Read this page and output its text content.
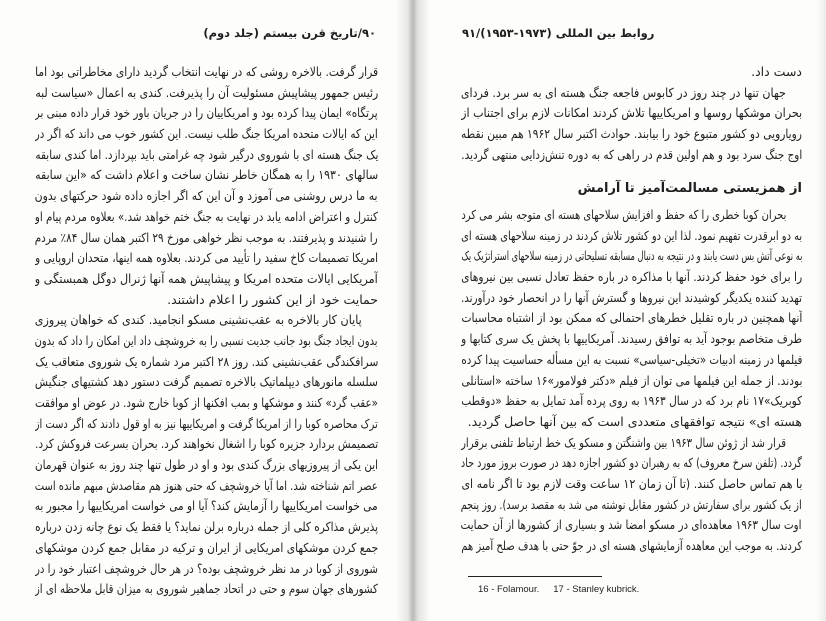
۹۰/تاریخ قرن بیستم (جلد دوم)
قرار گرفت. بالاخره روشی که در نهایت انتخاب گردید دارای مخاطراتی بود اما
رئیس جمهور پیشاپیش مسئولیت آن را پذیرفت. کندی به اعمال «سیاست لبه
پرتگاه» ایمان پیدا کرده بود و امریکاییان را در جریان باور خود قرار داده مبنی بر
این که ایالات متحده امریکا جنگ طلب نیست. این کشور خوب می داند که اگر در
یک جنگ هسته ای با شوروی درگیر شود چه غرامتی باید بپردازد. اما کندی سابقه
سالهای ۱۹۳۰ را به همگان خاطر نشان ساخت و اعلام داشت که «این سابقه
به ما درس روشنی می آموزد و آن این که اگر اجازه داده شود حرکتهای بدون
کنترل و اعتراض ادامه یابد در نهایت به جنگ ختم خواهد شد.» بعلاوه مردم پیام او
را شنیدند و پذیرفتند. به موجب نظر خواهی مورخ ۲۹ اکتبر همان سال ۸۴٪ مردم
امریکا تصمیمات کاخ سفید را تأیید می کردند. بعلاوه همه اینها، متحدان اروپایی و
آمریکایی ایالات متحده امریکا و پیشاپیش همه آنها ژنرال دوگل همبستگی و
حمایت خود از این کشور را اعلام داشتند.
پایان کار بالاخره به عقب‌نشینی مسکو انجامید. کندی که خواهان پیروزی
بدون ایجاد جنگ بود جانب جدیت نسبی را به خروشچف داد این امکان را داد که بدون
سرافکندگی عقب‌نشینی کند. روز ۲۸ اکتبر مرد شماره یک شوروی متعاقب یک
سلسله مانورهای دیپلماتیک بالاخره تصمیم گرفت دستور دهد کشتیهای جنگیش
«عقب گرد» کنند و موشکها و بمب افکنها از کوبا خارج شود. در عوض او موافقت
ترک محاصره کوبا را از امریکا گرفت و امریکاییها نیز به او قول دادند که اگر دست از
تصمیمش بردارد جزیره کوبا را اشغال نخواهند کرد. بحران بسرعت فروکش کرد.
این یکی از پیروزیهای بزرگ کندی بود و او در طول تنها چند روز به عنوان قهرمان
عصر اتم شناخته شد. اما آیا خروشچف که حتی هنوز هم مقاصدش مبهم مانده است
می خواست امریکاییها را آزمایش کند؟ آیا او می خواست امریکاییها را مجبور به
پذیرش مذاکره کلی از جمله درباره برلن نماید؟ یا فقط یک نوع چانه زدن درباره
جمع کردن موشکهای امریکایی از ایران و ترکیه در مقابل جمع کردن موشکهای
شوروی از کوبا در مد نظر خروشچف بوده؟ در هر حال خروشچف اعتبار خود را در
کشورهای جهان سوم و حتی در اتحاد جماهیر شوروی به میزان قابل ملاحظه ای از
روابط بین المللی (۱۹۷۳-۱۹۵۳)/۹۱
دست داد.
جهان تنها در چند روز در کابوس فاجعه جنگ هسته ای به سر برد. فردای
بحران موشکها روسها و امریکاییها تلاش کردند امکانات لازم برای اجتناب از
رویارویی دو کشور متبوع خود را بیابند. حوادث اکتبر سال ۱۹۶۲ هم مبین نقطه
اوج جنگ سرد بود و هم اولین قدم در راهی که به دوره تنش‌زدایی منتهی گردید.
از همزیستی مسالمت‌آمیز تا آرامش
بحران کوبا خطری را که حفظ و افزایش سلاحهای هسته ای متوجه بشر می کرد
به دو ابرقدرت تفهیم نمود. لذا این دو کشور تلاش کردند در زمینه سلاحهای هسته ای
به نوعی آتش بس دست یابند و در نتیجه به دنبال مسابقه تسلیحاتی در زمینه سلاحهای استراتژیک یک
را برای خود حفظ کردند. آنها با مذاکره در باره حفظ تعادل نسبی بین نیروهای
تهدید کننده یکدیگر کوشیدند این نیروها و گسترش آنها را در انحصار خود درآورند.
آنها همچنین در باره تقلیل خطرهای احتمالی که ممکن بود از اشتباه محاسبات
طرف متخاصم بوجود آید به توافق رسیدند. آمریکاییها با پخش یک سری کتابها و
فیلمها در زمینه ادبیات «تخیلی-سیاسی» نسبت به این مسأله حساسیت پیدا کرده
بودند. از جمله این فیلمها می توان از فیلم «دکتر فولامور»۱۶ ساخته «استانلی
کوبریک»۱۷ نام برد که در سال ۱۹۶۳ به روی پرده آمد تمایل به حفظ «دوقطب
هسته ای» نتیجه توافقهای متعددی است که بین آنها حاصل گردید.
قرار شد از ژوئن سال ۱۹۶۳ بین واشنگتن و مسکو یک خط ارتباط تلفنی برقرار
گردد. (تلفن سرخ معروف) که به رهبران دو کشور اجازه دهد در صورت بروز مورد حاد
با هم تماس حاصل کنند. (تا آن زمان ۱۲ ساعت وقت لازم بود تا اگر نامه ای
از یک کشور برای سفارتش در کشور مقابل نوشته می شد به مقصد برسد). روز پنجم
اوت سال ۱۹۶۳ معاهده‌ای در مسکو امضا شد و بسیاری از کشورها از آن حمایت
کردند. به موجب این معاهده آزمایشهای هسته ای در جوّ حتی با هدف صلح آمیز هم
16 - Folamour. 17 - Stanley kubrick.
